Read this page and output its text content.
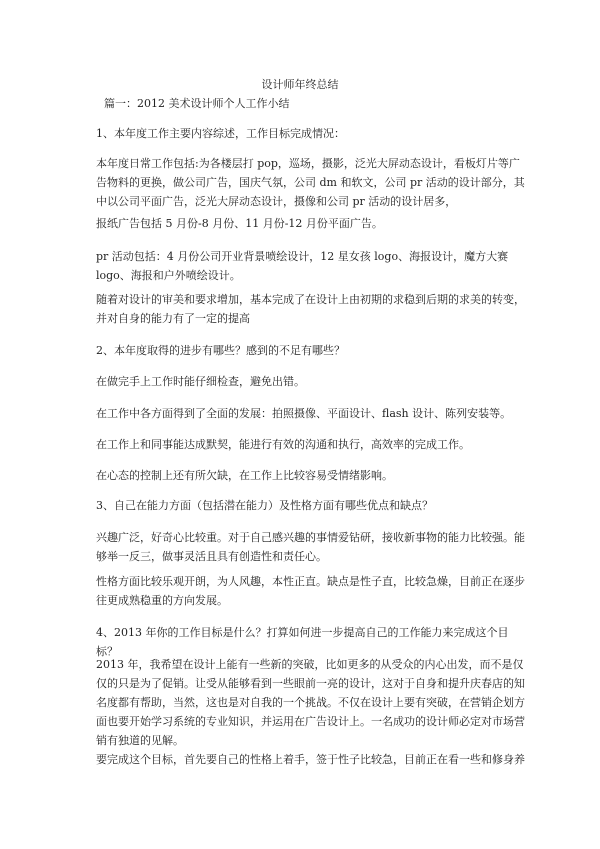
设计师年终总结
篇一：2012 美术设计师个人工作小结
1、本年度工作主要内容综述，工作目标完成情况：
本年度日常工作包括:为各楼层打 pop，巡场，摄影，泛光大屏动态设计，看板灯片等广告物料的更换，做公司广告，国庆气氛，公司 dm 和软文，公司 pr 活动的设计部分，其中以公司平面广告，泛光大屏动态设计，摄像和公司 pr 活动的设计居多，
报纸广告包括 5 月份-8 月份、11 月份-12 月份平面广告。
pr 活动包括：4 月份公司开业背景喷绘设计，12 星女孩 logo、海报设计，魔方大赛 logo、海报和户外喷绘设计。
随着对设计的审美和要求增加，基本完成了在设计上由初期的求稳到后期的求美的转变，并对自身的能力有了一定的提高
2、本年度取得的进步有哪些？感到的不足有哪些？
在做完手上工作时能仔细检查，避免出错。
在工作中各方面得到了全面的发展：拍照摄像、平面设计、flash 设计、陈列安装等。
在工作上和同事能达成默契，能进行有效的沟通和执行，高效率的完成工作。
在心态的控制上还有所欠缺，在工作上比较容易受情绪影响。
3、自己在能力方面（包括潜在能力）及性格方面有哪些优点和缺点？
兴趣广泛，好奇心比较重。对于自己感兴趣的事情爱钻研，接收新事物的能力比较强。能够举一反三，做事灵活且具有创造性和责任心。
性格方面比较乐观开朗，为人风趣，本性正直。缺点是性子直，比较急燥，目前正在逐步往更成熟稳重的方向发展。
4、2013 年你的工作目标是什么？打算如何进一步提高自己的工作能力来完成这个目标？
2013 年，我希望在设计上能有一些新的突破，比如更多的从受众的内心出发，而不是仅仅的只是为了促销。让受从能够看到一些眼前一亮的设计，这对于自身和提升庆春店的知名度都有帮助，当然，这也是对自我的一个挑战。不仅在设计上要有突破，在营销企划方面也要开始学习系统的专业知识，并运用在广告设计上。一名成功的设计师必定对市场营销有独道的见解。
要完成这个目标，首先要自己的性格上着手，签于性子比较急，目前正在看一些和修身养
